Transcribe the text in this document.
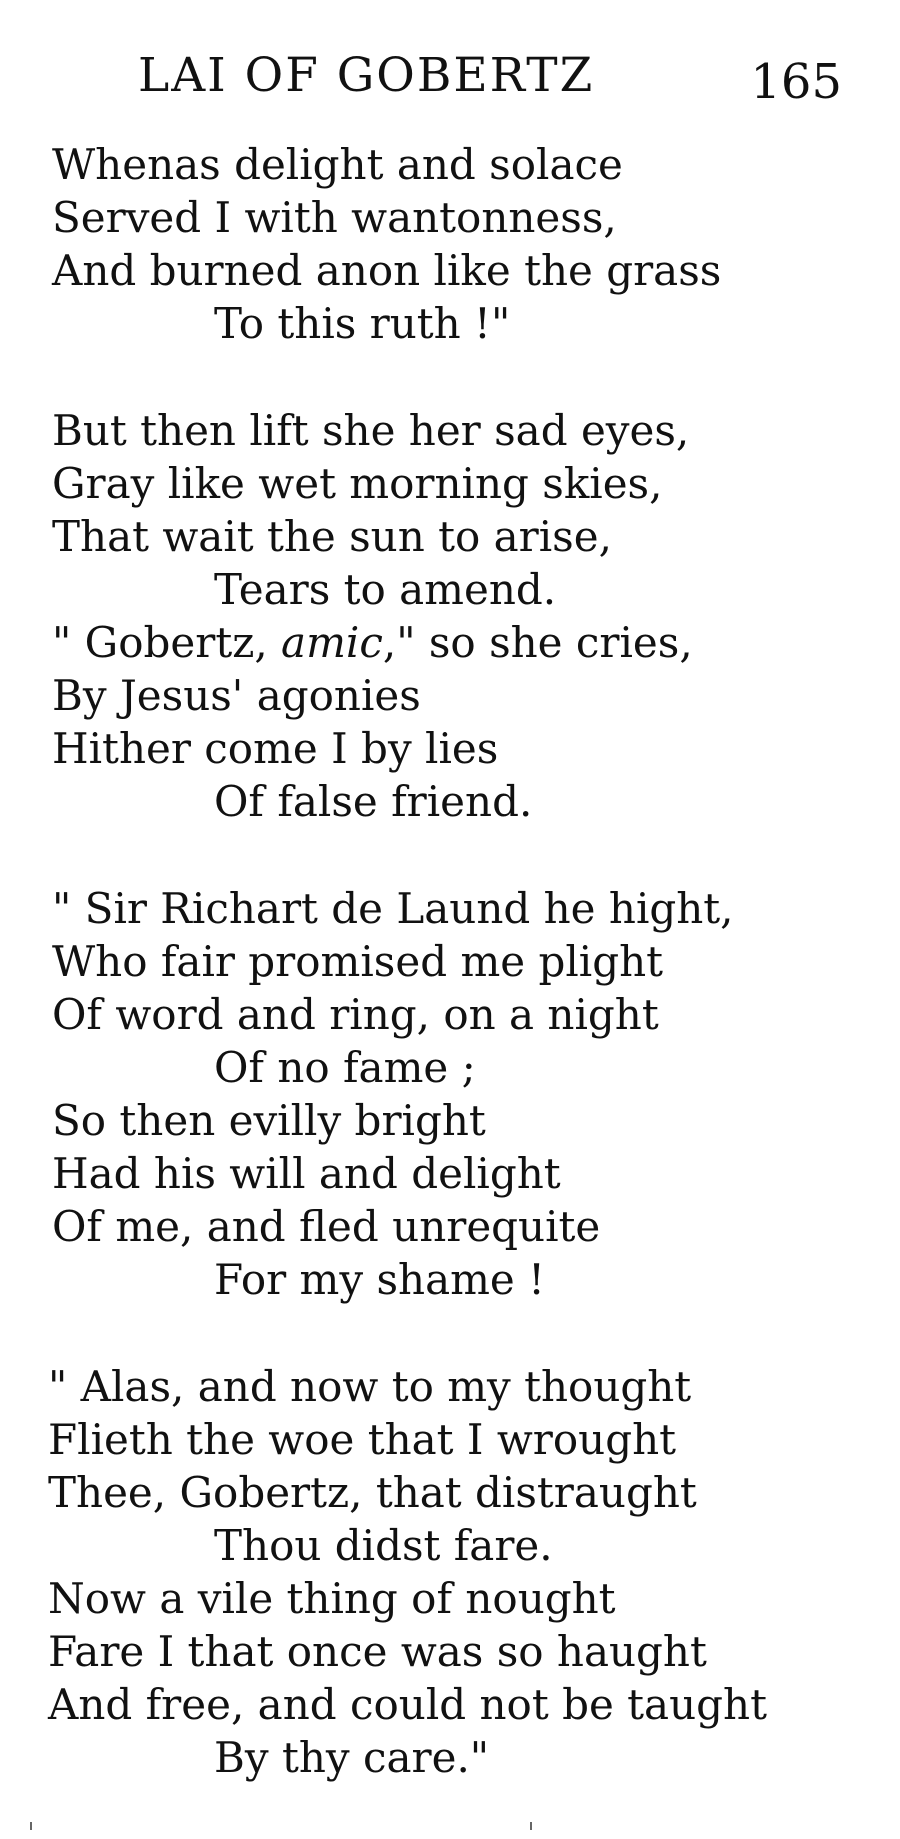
LAI OF GOBERTZ	165
Whenas delight and solace
Served I with wantonness,
And burned anon like the grass
To this ruth !"
But then lift she her sad eyes,
Gray like wet morning skies,
That wait the sun to arise,
Tears to amend.
" Gobertz, amic," so she cries,
By Jesus' agonies
Hither come I by lies
Of false friend.
" Sir Richart de Laund he hight,
Who fair promised me plight
Of word and ring, on a night
Of no fame ;
So then evilly bright
Had his will and delight
Of me, and fled unrequite
For my shame !
" Alas, and now to my thought
Flieth the woe that I wrought
Thee, Gobertz, that distraught
Thou didst fare.
Now a vile thing of nought
Fare I that once was so haught
And free, and could not be taught
By thy care."
